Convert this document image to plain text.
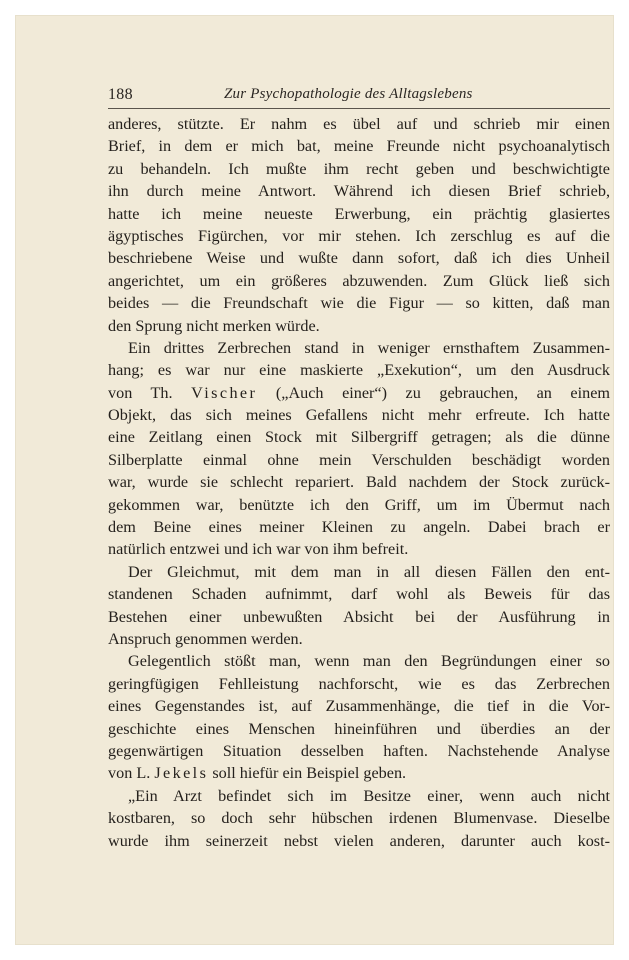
188	Zur Psychopathologie des Alltagslebens
anderes, stützte. Er nahm es übel auf und schrieb mir einen
Brief, in dem er mich bat, meine Freunde nicht psychoanalytisch
zu behandeln. Ich mußte ihm recht geben und beschwichtigte
ihn durch meine Antwort. Während ich diesen Brief schrieb,
hatte ich meine neueste Erwerbung, ein prächtig glasiertes
ägyptisches Figürchen, vor mir stehen. Ich zerschlug es auf die
beschriebene Weise und wußte dann sofort, daß ich dies Unheil
angerichtet, um ein größeres abzuwenden. Zum Glück ließ sich
beides — die Freundschaft wie die Figur — so kitten, daß man
den Sprung nicht merken würde.
Ein drittes Zerbrechen stand in weniger ernsthaftem Zusammen-
hang; es war nur eine maskierte „Exekution“, um den Ausdruck
von Th. Vischer („Auch einer“) zu gebrauchen, an einem
Objekt, das sich meines Gefallens nicht mehr erfreute. Ich hatte
eine Zeitlang einen Stock mit Silbergriff getragen; als die dünne
Silberplatte einmal ohne mein Verschulden beschädigt worden
war, wurde sie schlecht repariert. Bald nachdem der Stock zurück-
gekommen war, benützte ich den Griff, um im Übermut nach
dem Beine eines meiner Kleinen zu angeln. Dabei brach er
natürlich entzwei und ich war von ihm befreit.
Der Gleichmut, mit dem man in all diesen Fällen den ent-
standenen Schaden aufnimmt, darf wohl als Beweis für das
Bestehen einer unbewußten Absicht bei der Ausführung in
Anspruch genommen werden.
Gelegentlich stößt man, wenn man den Begründungen einer so
geringfügigen Fehlleistung nachforscht, wie es das Zerbrechen
eines Gegenstandes ist, auf Zusammenhänge, die tief in die Vor-
geschichte eines Menschen hineinführen und überdies an der
gegenwärtigen Situation desselben haften. Nachstehende Analyse
von L. Jekels soll hiefür ein Beispiel geben.
„Ein Arzt befindet sich im Besitze einer, wenn auch nicht
kostbaren, so doch sehr hübschen irdenen Blumenvase. Dieselbe
wurde ihm seinerzeit nebst vielen anderen, darunter auch kost-
